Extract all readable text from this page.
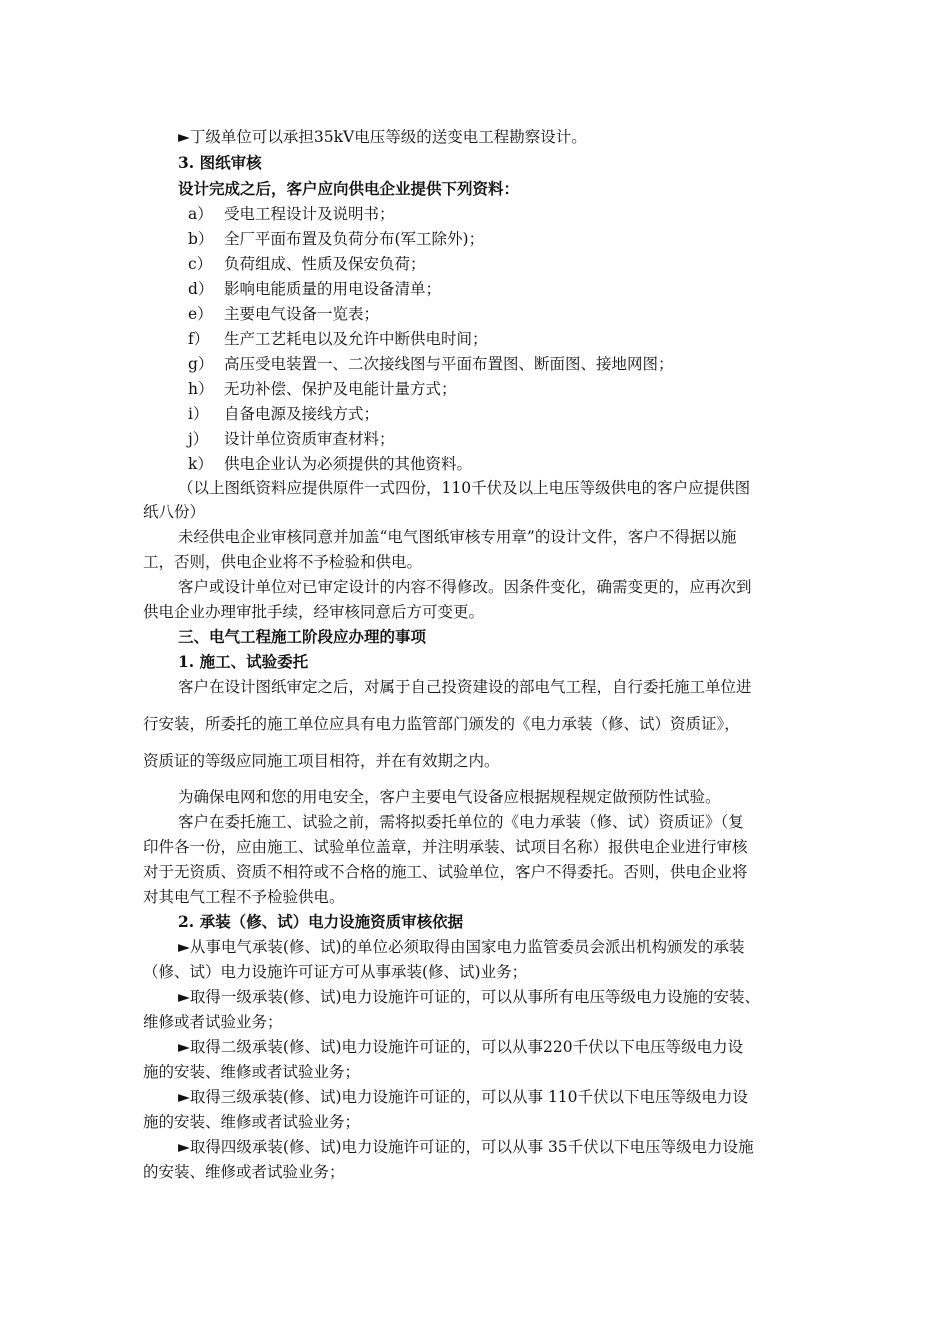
►丁级单位可以承担35kV电压等级的送变电工程勘察设计。
3. 图纸审核
设计完成之后，客户应向供电企业提供下列资料：
a） 受电工程设计及说明书；
b） 全厂平面布置及负荷分布(军工除外)；
c） 负荷组成、性质及保安负荷；
d） 影响电能质量的用电设备清单；
e） 主要电气设备一览表；
f） 生产工艺耗电以及允许中断供电时间；
g） 高压受电装置一、二次接线图与平面布置图、断面图、接地网图；
h） 无功补偿、保护及电能计量方式；
i） 自备电源及接线方式；
j） 设计单位资质审查材料；
k） 供电企业认为必须提供的其他资料。
（以上图纸资料应提供原件一式四份，110千伏及以上电压等级供电的客户应提供图
纸八份）
未经供电企业审核同意并加盖“电气图纸审核专用章”的设计文件，客户不得据以施
工，否则，供电企业将不予检验和供电。
客户或设计单位对已审定设计的内容不得修改。因条件变化，确需变更的，应再次到
供电企业办理审批手续，经审核同意后方可变更。
三、电气工程施工阶段应办理的事项
1. 施工、试验委托
客户在设计图纸审定之后，对属于自己投资建设的部电气工程，自行委托施工单位进
行安装，所委托的施工单位应具有电力监管部门颁发的《电力承装（修、试）资质证》，
资质证的等级应同施工项目相符，并在有效期之内。
为确保电网和您的用电安全，客户主要电气设备应根据规程规定做预防性试验。
客户在委托施工、试验之前，需将拟委托单位的《电力承装（修、试）资质证》（复
印件各一份，应由施工、试验单位盖章，并注明承装、试项目名称）报供电企业进行审核
对于无资质、资质不相符或不合格的施工、试验单位，客户不得委托。否则，供电企业将
对其电气工程不予检验供电。
2. 承装（修、试）电力设施资质审核依据
►从事电气承装(修、试)的单位必须取得由国家电力监管委员会派出机构颁发的承装
（修、试）电力设施许可证方可从事承装(修、试)业务；
►取得一级承装(修、试)电力设施许可证的，可以从事所有电压等级电力设施的安装、
维修或者试验业务；
►取得二级承装(修、试)电力设施许可证的，可以从事220千伏以下电压等级电力设
施的安装、维修或者试验业务；
►取得三级承装(修、试)电力设施许可证的，可以从事 110千伏以下电压等级电力设
施的安装、维修或者试验业务；
►取得四级承装(修、试)电力设施许可证的，可以从事 35千伏以下电压等级电力设施
的安装、维修或者试验业务；
